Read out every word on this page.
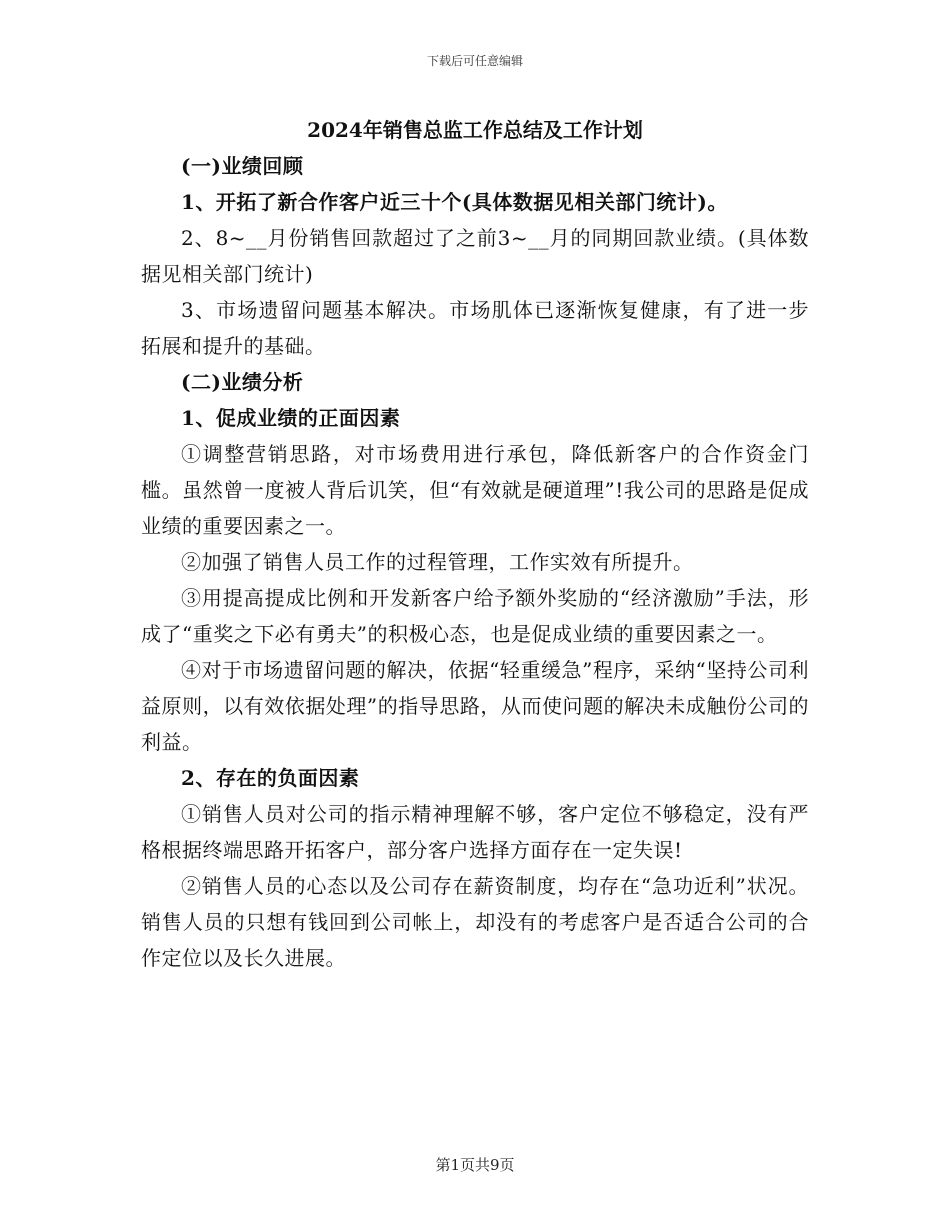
下载后可任意编辑
2024年销售总监工作总结及工作计划

(一)业绩回顾

1、开拓了新合作客户近三十个(具体数据见相关部门统计)。

2、8~__月份销售回款超过了之前3~__月的同期回款业绩。(具体数据见相关部门统计)

3、市场遗留问题基本解决。市场肌体已逐渐恢复健康，有了进一步拓展和提升的基础。

(二)业绩分析

1、促成业绩的正面因素

①调整营销思路，对市场费用进行承包，降低新客户的合作资金门槛。虽然曾一度被人背后讥笑，但“有效就是硬道理”!我公司的思路是促成业绩的重要因素之一。

②加强了销售人员工作的过程管理，工作实效有所提升。

③用提高提成比例和开发新客户给予额外奖励的“经济激励”手法，形成了“重奖之下必有勇夫”的积极心态，也是促成业绩的重要因素之一。

④对于市场遗留问题的解决，依据“轻重缓急”程序，采纳“坚持公司利益原则，以有效依据处理”的指导思路，从而使问题的解决未成触份公司的利益。

2、存在的负面因素

①销售人员对公司的指示精神理解不够，客户定位不够稳定，没有严格根据终端思路开拓客户，部分客户选择方面存在一定失误!

②销售人员的心态以及公司存在薪资制度，均存在“急功近利”状况。销售人员的只想有钱回到公司帐上，却没有的考虑客户是否适合公司的合作定位以及长久进展。

第1页共9页
